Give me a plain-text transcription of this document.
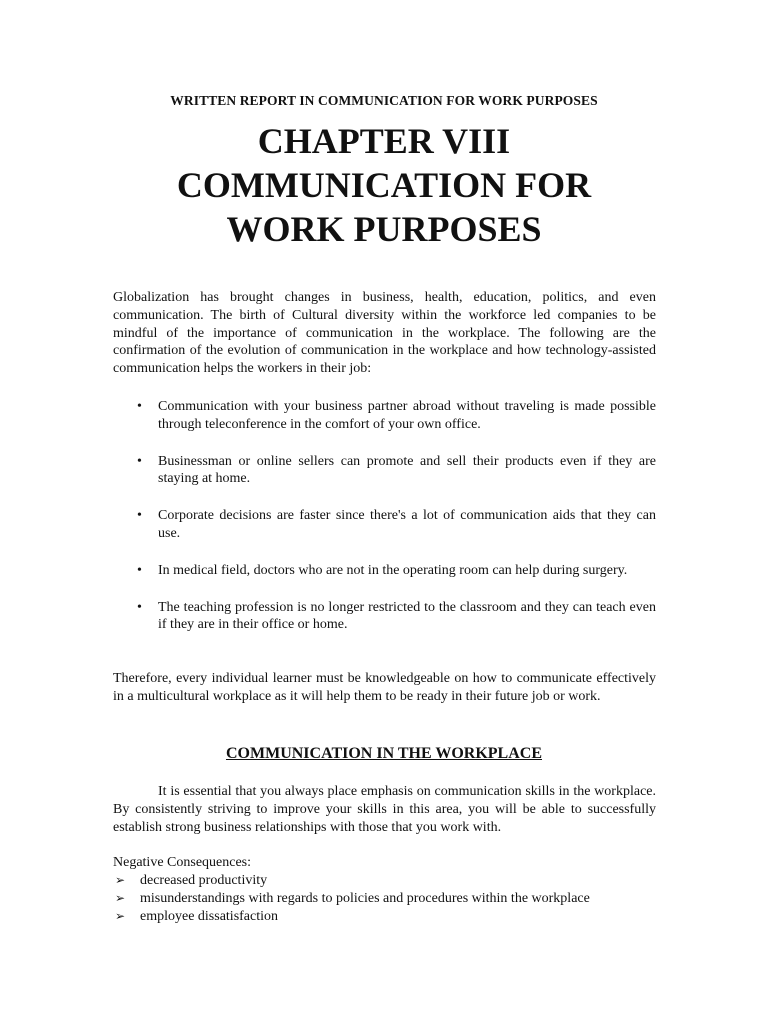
WRITTEN REPORT IN COMMUNICATION FOR WORK PURPOSES
CHAPTER VIII
COMMUNICATION FOR
WORK PURPOSES

Globalization has brought changes in business, health, education, politics, and even communication. The birth of Cultural diversity within the workforce led companies to be mindful of the importance of communication in the workplace. The following are the confirmation of the evolution of communication in the workplace and how technology-assisted communication helps the workers in their job:

• Communication with your business partner abroad without traveling is made possible through teleconference in the comfort of your own office.
• Businessman or online sellers can promote and sell their products even if they are staying at home.
• Corporate decisions are faster since there's a lot of communication aids that they can use.
• In medical field, doctors who are not in the operating room can help during surgery.
• The teaching profession is no longer restricted to the classroom and they can teach even if they are in their office or home.

Therefore, every individual learner must be knowledgeable on how to communicate effectively in a multicultural workplace as it will help them to be ready in their future job or work.

COMMUNICATION IN THE WORKPLACE

It is essential that you always place emphasis on communication skills in the workplace. By consistently striving to improve your skills in this area, you will be able to successfully establish strong business relationships with those that you work with.

Negative Consequences:
➢ decreased productivity
➢ misunderstandings with regards to policies and procedures within the workplace
➢ employee dissatisfaction
